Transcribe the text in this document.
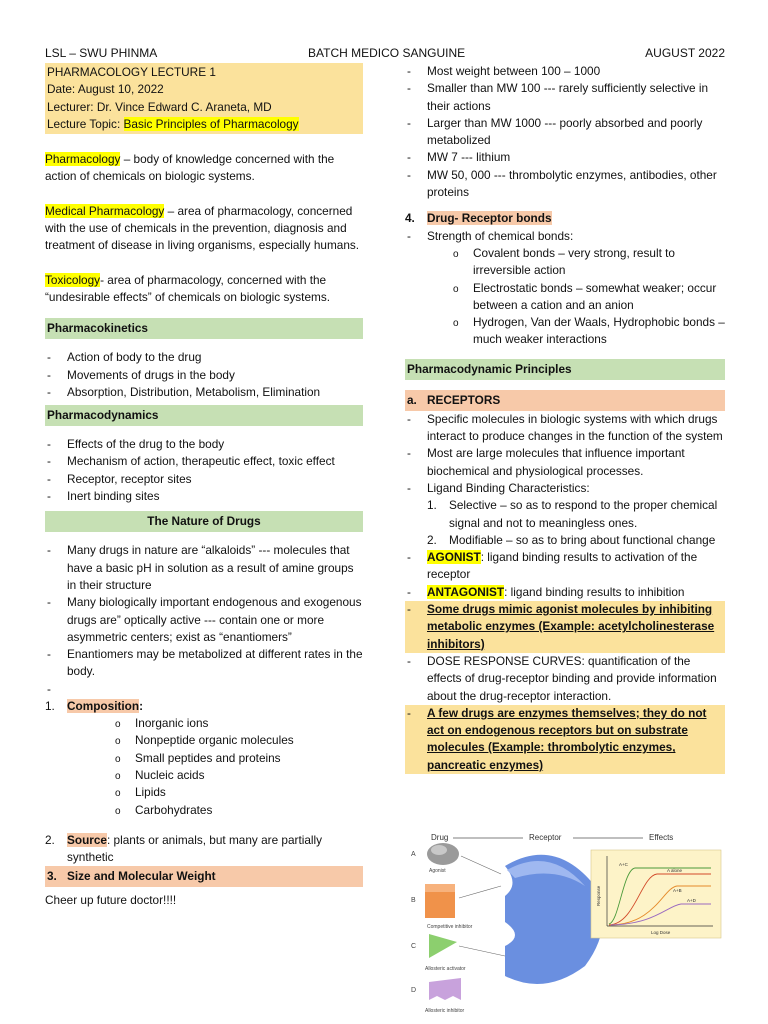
LSL – SWU PHINMA	BATCH MEDICO SANGUINE	AUGUST 2022
PHARMACOLOGY LECTURE 1
Date: August 10, 2022
Lecturer: Dr. Vince Edward C. Araneta, MD
Lecture Topic: Basic Principles of Pharmacology

Pharmacology – body of knowledge concerned with the action of chemicals on biologic systems.

Medical Pharmacology – area of pharmacology, concerned with the use of chemicals in the prevention, diagnosis and treatment of disease in living organisms, especially humans.

Toxicology- area of pharmacology, concerned with the “undesirable effects” of chemicals on biologic systems.

Pharmacokinetics
- Action of body to the drug
- Movements of drugs in the body
- Absorption, Distribution, Metabolism, Elimination
Pharmacodynamics
- Effects of the drug to the body
- Mechanism of action, therapeutic effect, toxic effect
- Receptor, receptor sites
- Inert binding sites
The Nature of Drugs
- Many drugs in nature are “alkaloids” --- molecules that have a basic pH in solution as a result of amine groups in their structure
- Many biologically important endogenous and exogenous drugs are” optically active --- contain one or more asymmetric centers; exist as “enantiomers”
- Enantiomers may be metabolized at different rates in the body.
-
1. Composition:
o Inorganic ions
o Nonpeptide organic molecules
o Small peptides and proteins
o Nucleic acids
o Lipids
o Carbohydrates
2. Source: plants or animals, but many are partially synthetic
3. Size and Molecular Weight
Cheer up future doctor!!!!
- Most weight between 100 – 1000
- Smaller than MW 100 --- rarely sufficiently selective in their actions
- Larger than MW 1000 --- poorly absorbed and poorly metabolized
- MW 7 --- lithium
- MW 50, 000 --- thrombolytic enzymes, antibodies, other proteins
4. Drug- Receptor bonds
- Strength of chemical bonds:
o Covalent bonds – very strong, result to irreversible action
o Electrostatic bonds – somewhat weaker; occur between a cation and an anion
o Hydrogen, Van der Waals, Hydrophobic bonds – much weaker interactions
Pharmacodynamic Principles
a. RECEPTORS
- Specific molecules in biologic systems with which drugs interact to produce changes in the function of the system
- Most are large molecules that influence important biochemical and physiological processes.
- Ligand Binding Characteristics:
1. Selective – so as to respond to the proper chemical signal and not to meaningless ones.
2. Modifiable – so as to bring about functional change
- AGONIST: ligand binding results to activation of the receptor
- ANTAGONIST: ligand binding results to inhibition
- Some drugs mimic agonist molecules by inhibiting metabolic enzymes (Example: acetylcholinesterase inhibitors)
- DOSE RESPONSE CURVES: quantification of the effects of drug-receptor binding and provide information about the drug-receptor interaction.
- A few drugs are enzymes themselves; they do not act on endogenous receptors but on substrate molecules (Example: thrombolytic enzymes, pancreatic enzymes)
Drug	Receptor	Effects
A
Agonist
B
Competitive inhibitor
C
Allosteric activator
D
Allosteric inhibitor
Response
Log Dose
A+C
A alone
A+B
A+D
